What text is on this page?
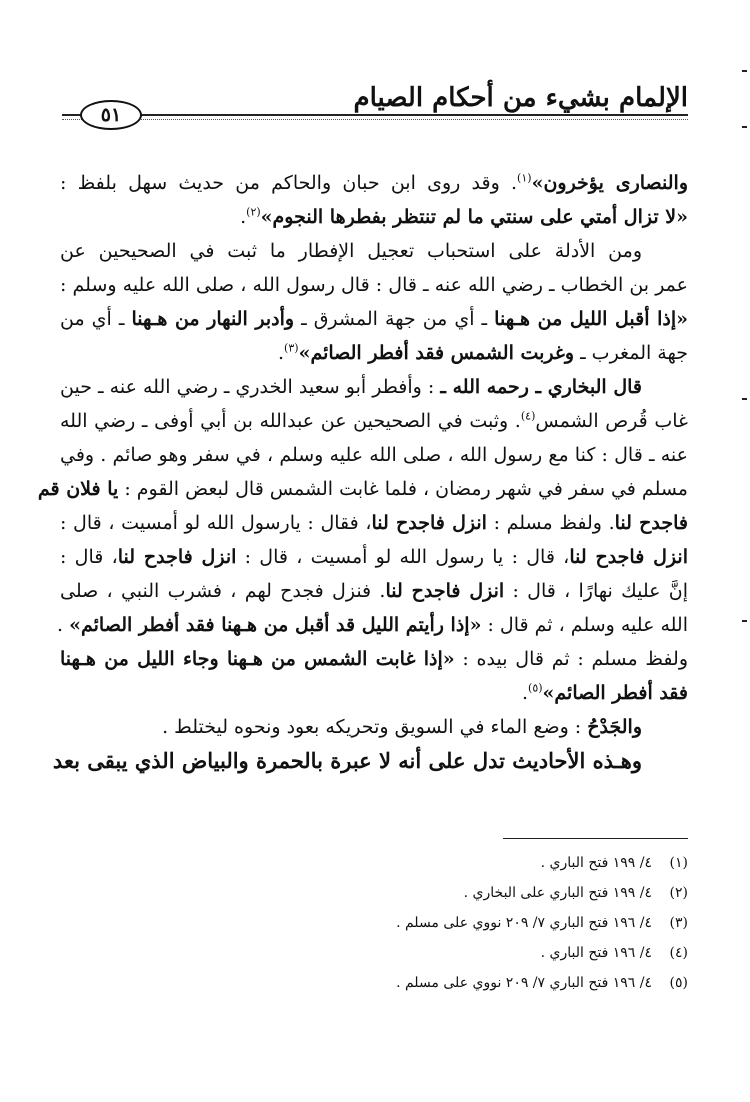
الإلمام بشيء من أحكام الصيام
٥١
والنصارى يؤخرون»$^{(١)}$. وقد روى ابن حبان والحاكم من حديث سهل بلفظ :
«لا تزال أمتي على سنتي ما لم تنتظر بفطرها النجوم»$^{(٢)}$.
ومن الأدلة على استحباب تعجيل الإفطار ما ثبت في الصحيحين عن
عمر بن الخطاب ـ رضي الله عنه ـ قال : قال رسول الله ، صلى الله عليه وسلم :
«إذا أقبل الليل من هـهنا ـ أي من جهة المشرق ـ وأدبر النهار من هـهنا ـ أي من
جهة المغرب ـ وغربت الشمس فقد أفطر الصائم»$^{(٣)}$.
قال البخاري ـ رحمه الله ـ : وأفطر أبو سعيد الخدري ـ رضي الله عنه ـ حين
غاب قُرص الشمس$^{(٤)}$. وثبت في الصحيحين عن عبدالله بن أبي أوفى ـ رضي الله
عنه ـ قال : كنا مع رسول الله ، صلى الله عليه وسلم ، في سفر وهو صائم . وفي
مسلم في سفر في شهر رمضان ، فلما غابت الشمس قال لبعض القوم : يا فلان قم
فاجدح لنا. ولفظ مسلم : انزل فاجدح لنا، فقال : يارسول الله لو أمسيت ، قال :
انزل فاجدح لنا، قال : يا رسول الله لو أمسيت ، قال : انزل فاجدح لنا، قال :
إنَّ عليك نهارًا ، قال : انزل فاجدح لنا. فنزل فجدح لهم ، فشرب النبي ، صلى
الله عليه وسلم ، ثم قال : «إذا رأيتم الليل قد أقبل من هـهنا فقد أفطر الصائم» .
ولفظ مسلم : ثم قال بيده : «إذا غابت الشمس من هـهنا وجاء الليل من هـهنا
فقد أفطر الصائم»$^{(٥)}$.
والجَدْحُ : وضع الماء في السويق وتحريكه بعود ونحوه ليختلط .
وهـذه الأحاديث تدل على أنه لا عبرة بالحمرة والبياض الذي يبقى بعد
(١)٤/ ١٩٩ فتح الباري .
(٢)٤/ ١٩٩ فتح الباري على البخاري .
(٣)٤/ ١٩٦ فتح الباري ٧/ ٢٠٩ نووي على مسلم .
(٤)٤/ ١٩٦ فتح الباري .
(٥)٤/ ١٩٦ فتح الباري ٧/ ٢٠٩ نووي على مسلم .
